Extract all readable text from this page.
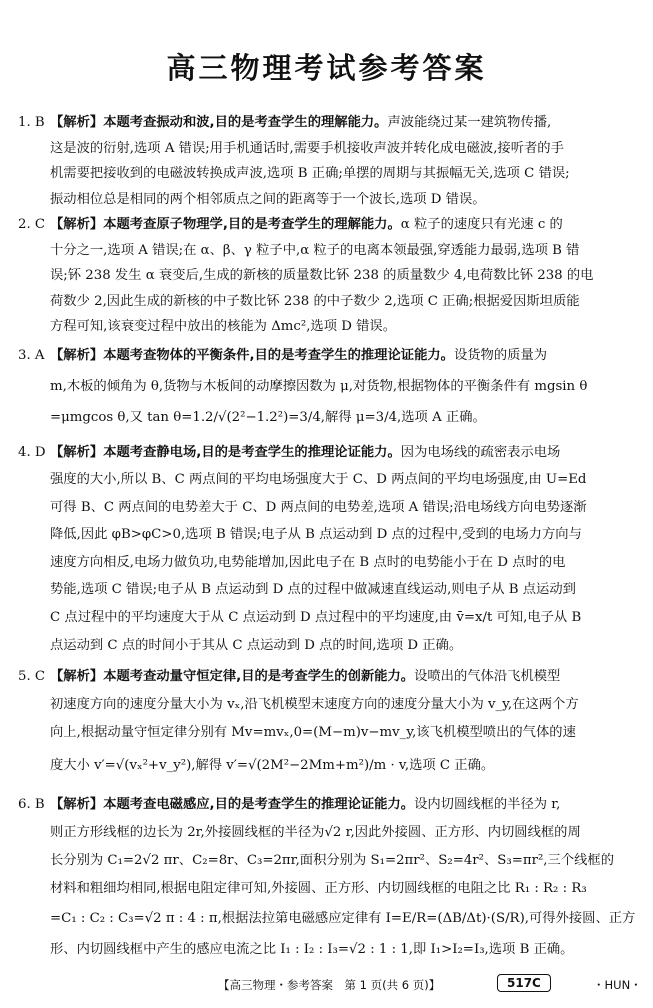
高三物理考试参考答案
1. B 【解析】本题考查振动和波,目的是考查学生的理解能力。声波能绕过某一建筑物传播,
这是波的衍射,选项 A 错误;用手机通话时,需要手机接收声波并转化成电磁波,接听者的手
机需要把接收到的电磁波转换成声波,选项 B 正确;单摆的周期与其振幅无关,选项 C 错误;
振动相位总是相同的两个相邻质点之间的距离等于一个波长,选项 D 错误。
2. C 【解析】本题考查原子物理学,目的是考查学生的理解能力。α 粒子的速度只有光速 c 的
十分之一,选项 A 错误;在 α、β、γ 粒子中,α 粒子的电离本领最强,穿透能力最弱,选项 B 错
误;钚 238 发生 α 衰变后,生成的新核的质量数比钚 238 的质量数少 4,电荷数比钚 238 的电
荷数少 2,因此生成的新核的中子数比钚 238 的中子数少 2,选项 C 正确;根据爱因斯坦质能
方程可知,该衰变过程中放出的核能为 Δmc²,选项 D 错误。
3. A 【解析】本题考查物体的平衡条件,目的是考查学生的推理论证能力。设货物的质量为
m,木板的倾角为 θ,货物与木板间的动摩擦因数为 μ,对货物,根据物体的平衡条件有 mgsin θ
=μmgcos θ,又 tan θ=1.2/√(2²−1.2²)=3/4,解得 μ=3/4,选项 A 正确。
4. D 【解析】本题考查静电场,目的是考查学生的推理论证能力。因为电场线的疏密表示电场
强度的大小,所以 B、C 两点间的平均电场强度大于 C、D 两点间的平均电场强度,由 U=Ed
可得 B、C 两点间的电势差大于 C、D 两点间的电势差,选项 A 错误;沿电场线方向电势逐渐
降低,因此 φB>φC>0,选项 B 错误;电子从 B 点运动到 D 点的过程中,受到的电场力方向与
速度方向相反,电场力做负功,电势能增加,因此电子在 B 点时的电势能小于在 D 点时的电
势能,选项 C 错误;电子从 B 点运动到 D 点的过程中做减速直线运动,则电子从 B 点运动到
C 点过程中的平均速度大于从 C 点运动到 D 点过程中的平均速度,由 v̄=x/t 可知,电子从 B
点运动到 C 点的时间小于其从 C 点运动到 D 点的时间,选项 D 正确。
5. C 【解析】本题考查动量守恒定律,目的是考查学生的创新能力。设喷出的气体沿飞机模型
初速度方向的速度分量大小为 vₓ,沿飞机模型末速度方向的速度分量大小为 v_y,在这两个方
向上,根据动量守恒定律分别有 Mv=mvₓ,0=(M−m)v−mv_y,该飞机模型喷出的气体的速
度大小 v′=√(vₓ²+v_y²),解得 v′=√(2M²−2Mm+m²)/m · v,选项 C 正确。
6. B 【解析】本题考查电磁感应,目的是考查学生的推理论证能力。设内切圆线框的半径为 r,
则正方形线框的边长为 2r,外接圆线框的半径为√2 r,因此外接圆、正方形、内切圆线框的周
长分别为 C₁=2√2 πr、C₂=8r、C₃=2πr,面积分别为 S₁=2πr²、S₂=4r²、S₃=πr²,三个线框的
材料和粗细均相同,根据电阻定律可知,外接圆、正方形、内切圆线框的电阻之比 R₁ : R₂ : R₃
=C₁ : C₂ : C₃=√2 π : 4 : π,根据法拉第电磁感应定律有 I=E/R=(ΔB/Δt)·(S/R),可得外接圆、正方
形、内切圆线框中产生的感应电流之比 I₁ : I₂ : I₃=√2 : 1 : 1,即 I₁>I₂=I₃,选项 B 正确。
【高三物理・参考答案　第 1 页(共 6 页)】	517C	・HUN・
